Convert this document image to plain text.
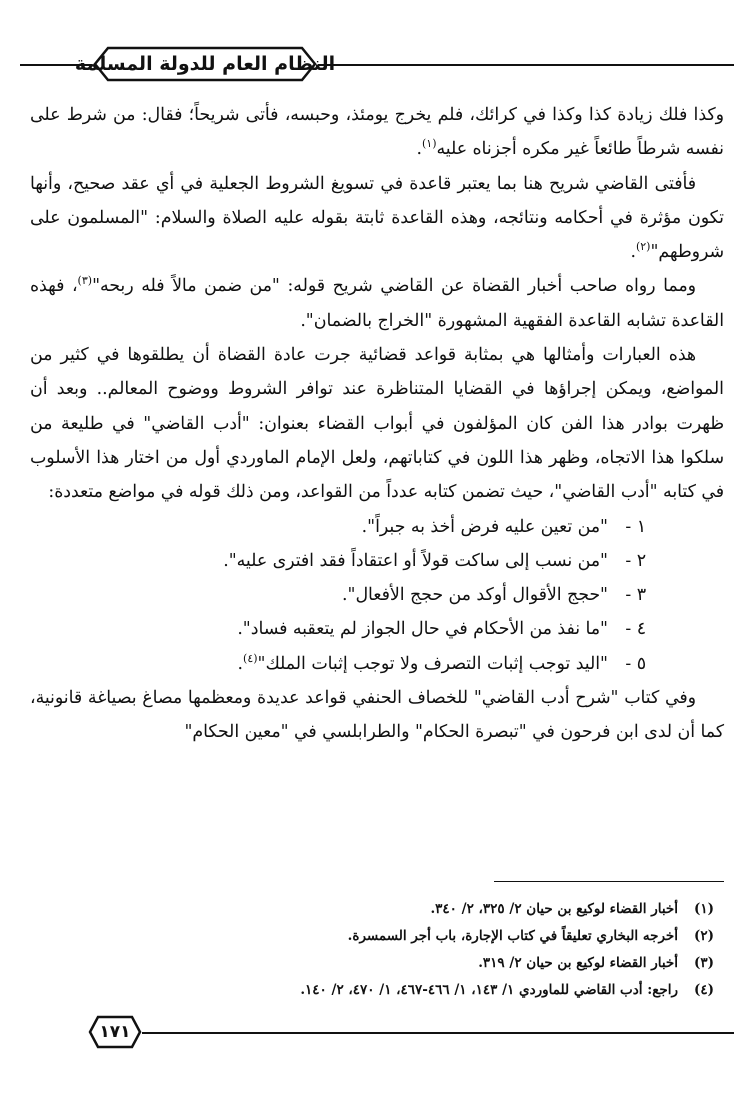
النظام العام للدولة المسلمة

وكذا فلك زيادة كذا وكذا في كرائك، فلم يخرج يومئذ، وحبسه، فأتى شريحاً؛ فقال: من شرط على نفسه شرطاً طائعاً غير مكره أجزناه عليه$^{(١)}$.

فأفتى القاضي شريح هنا بما يعتبر قاعدة في تسويغ الشروط الجعلية في أي عقد صحيح، وأنها تكون مؤثرة في أحكامه ونتائجه، وهذه القاعدة ثابتة بقوله عليه الصلاة والسلام: "المسلمون على شروطهم"$^{(٢)}$.

ومما رواه صاحب أخبار القضاة عن القاضي شريح قوله: "من ضمن مالاً فله ربحه"$^{(٣)}$، فهذه القاعدة تشابه القاعدة الفقهية المشهورة "الخراج بالضمان".

هذه العبارات وأمثالها هي بمثابة قواعد قضائية جرت عادة القضاة أن يطلقوها في كثير من المواضع، ويمكن إجراؤها في القضايا المتناظرة عند توافر الشروط ووضوح المعالم.. وبعد أن ظهرت بوادر هذا الفن كان المؤلفون في أبواب القضاء بعنوان: "أدب القاضي" في طليعة من سلكوا هذا الاتجاه، وظهر هذا اللون في كتاباتهم، ولعل الإمام الماوردي أول من اختار هذا الأسلوب في كتابه "أدب القاضي"، حيث تضمن كتابه عدداً من القواعد، ومن ذلك قوله في مواضع متعددة:

١ -"من تعين عليه فرض أخذ به جبراً".
٢ -"من نسب إلى ساكت قولاً أو اعتقاداً فقد افترى عليه".
٣ -"حجج الأقوال أوكد من حجج الأفعال".
٤ -"ما نفذ من الأحكام في حال الجواز لم يتعقبه فساد".
٥ -"اليد توجب إثبات التصرف ولا توجب إثبات الملك"$^{(٤)}$.

وفي كتاب "شرح أدب القاضي" للخصاف الحنفي قواعد عديدة ومعظمها مصاغ بصياغة قانونية، كما أن لدى ابن فرحون في "تبصرة الحكام" والطرابلسي في "معين الحكام"

(١)أخبار القضاء لوكيع بن حيان ٢/ ٣٢٥، ٢/ ٣٤٠.
(٢)أخرجه البخاري تعليقاً في كتاب الإجارة، باب أجر السمسرة.
(٣)أخبار القضاء لوكيع بن حيان ٢/ ٣١٩.
(٤)راجع: أدب القاضي للماوردي ١/ ١٤٣، ١/ ٤٦٦-٤٦٧، ١/ ٤٧٠، ٢/ ١٤٠.
١٧١
